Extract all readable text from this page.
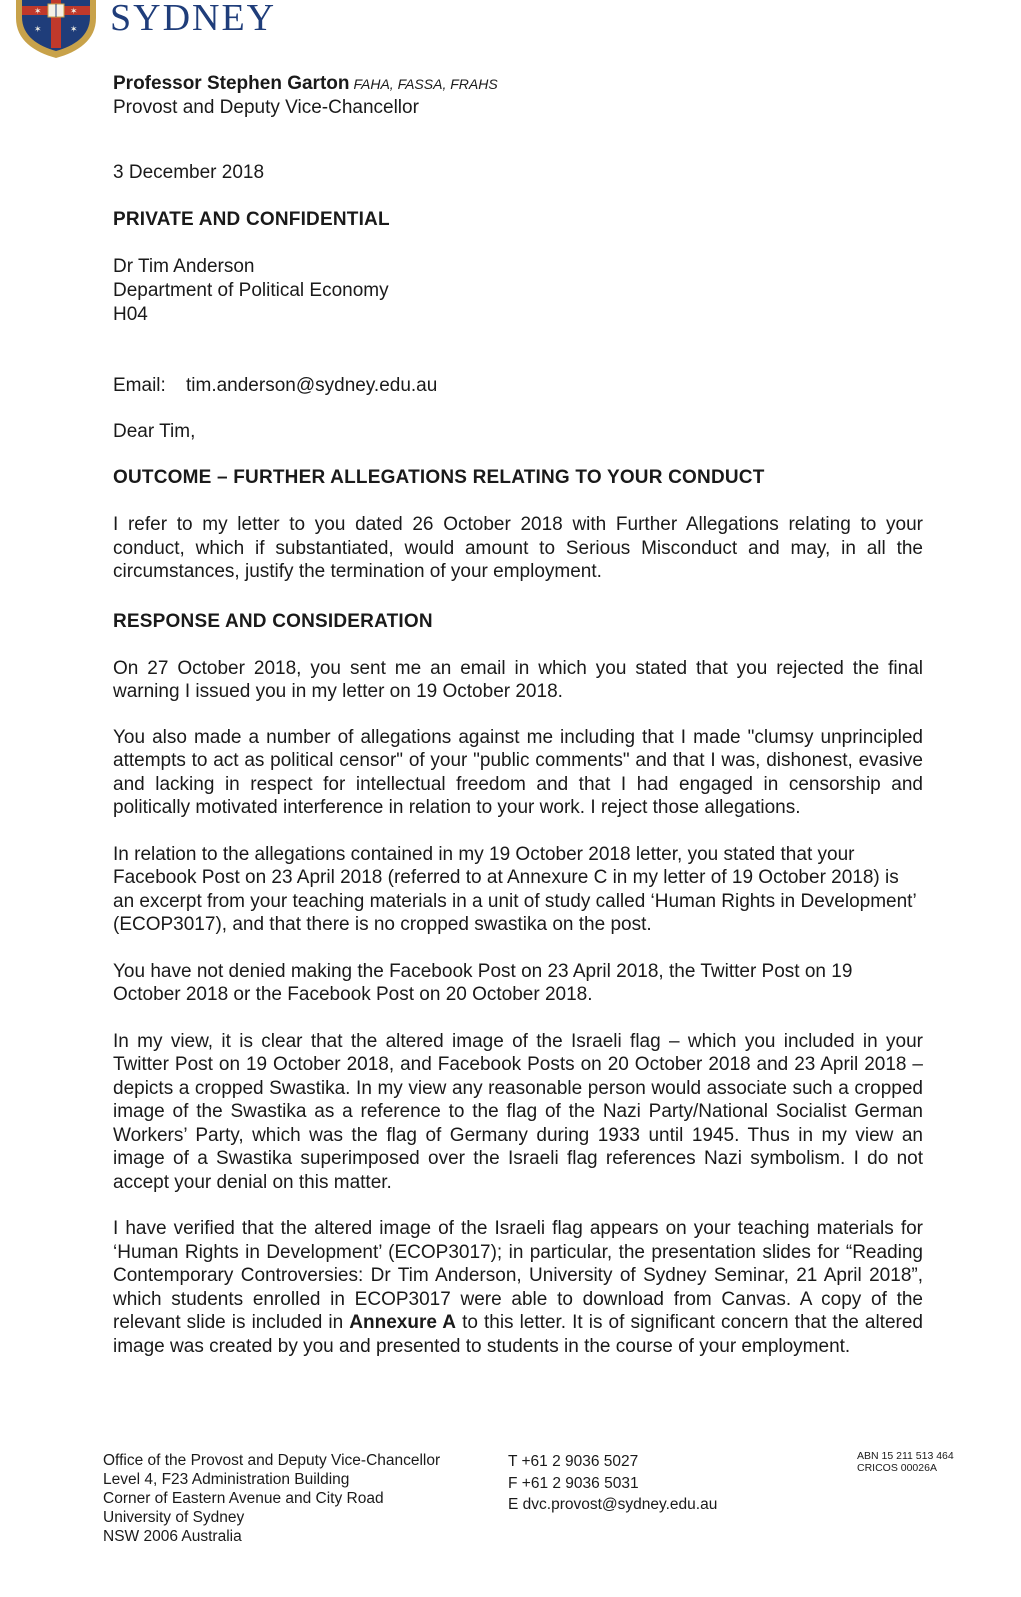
✶	✶
✶	✶ SYDNEY

Professor Stephen Garton FAHA, FASSA, FRAHS

Provost and Deputy Vice-Chancellor

3 December 2018

PRIVATE AND CONFIDENTIAL

Dr Tim Anderson

Department of Political Economy

H04

Email: tim.anderson@sydney.edu.au

Dear Tim,

OUTCOME – FURTHER ALLEGATIONS RELATING TO YOUR CONDUCT

I refer to my letter to you dated 26 October 2018 with Further Allegations relating to your conduct, which if substantiated, would amount to Serious Misconduct and may, in all the circumstances, justify the termination of your employment.

RESPONSE AND CONSIDERATION

On 27 October 2018, you sent me an email in which you stated that you rejected the final warning I issued you in my letter on 19 October 2018.

You also made a number of allegations against me including that I made "clumsy unprincipled attempts to act as political censor" of your "public comments" and that I was, dishonest, evasive and lacking in respect for intellectual freedom and that I had engaged in censorship and politically motivated interference in relation to your work. I reject those allegations.

In relation to the allegations contained in my 19 October 2018 letter, you stated that your Facebook Post on 23 April 2018 (referred to at Annexure C in my letter of 19 October 2018) is an excerpt from your teaching materials in a unit of study called ‘Human Rights in Development’ (ECOP3017), and that there is no cropped swastika on the post.

You have not denied making the Facebook Post on 23 April 2018, the Twitter Post on 19 October 2018 or the Facebook Post on 20 October 2018.

In my view, it is clear that the altered image of the Israeli flag – which you included in your Twitter Post on 19 October 2018, and Facebook Posts on 20 October 2018 and 23 April 2018 – depicts a cropped Swastika. In my view any reasonable person would associate such a cropped image of the Swastika as a reference to the flag of the Nazi Party/National Socialist German Workers’ Party, which was the flag of Germany during 1933 until 1945. Thus in my view an image of a Swastika superimposed over the Israeli flag references Nazi symbolism. I do not accept your denial on this matter.

I have verified that the altered image of the Israeli flag appears on your teaching materials for ‘Human Rights in Development’ (ECOP3017); in particular, the presentation slides for “Reading Contemporary Controversies: Dr Tim Anderson, University of Sydney Seminar, 21 April 2018”, which students enrolled in ECOP3017 were able to download from Canvas. A copy of the relevant slide is included in Annexure A to this letter. It is of significant concern that the altered image was created by you and presented to students in the course of your employment.

Office of the Provost and Deputy Vice-Chancellor

Level 4, F23 Administration Building

Corner of Eastern Avenue and City Road

University of Sydney

NSW 2006 Australia

T +61 2 9036 5027

F +61 2 9036 5031

E dvc.provost@sydney.edu.au

ABN 15 211 513 464

CRICOS 00026A
